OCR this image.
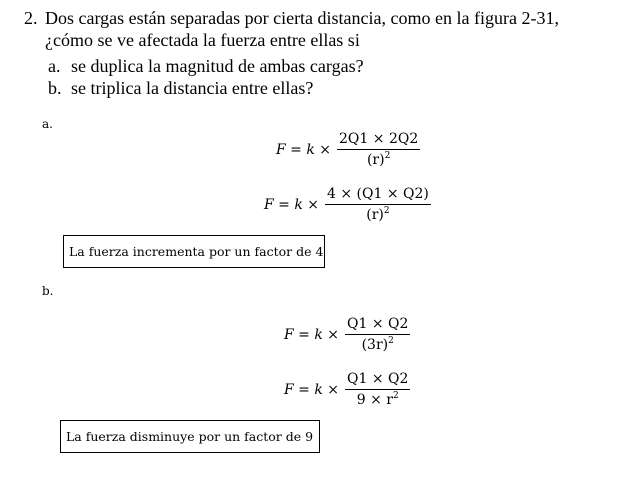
2. Dos cargas están separadas por cierta distancia, como en la figura 2-31,
¿cómo se ve afectada la fuerza entre ellas si
a. se duplica la magnitud de ambas cargas?
b. se triplica la distancia entre ellas?
a.
$F = k \times \frac{2Q1 \times 2Q2}{(r)^2}$
$F = k \times \frac{4 \times (Q1 \times Q2)}{(r)^2}$
La fuerza incrementa por un factor de 4
b.
$F = k \times \frac{Q1 \times Q2}{(3r)^2}$
$F = k \times \frac{Q1 \times Q2}{9 \times r^2}$
La fuerza disminuye por un factor de 9
